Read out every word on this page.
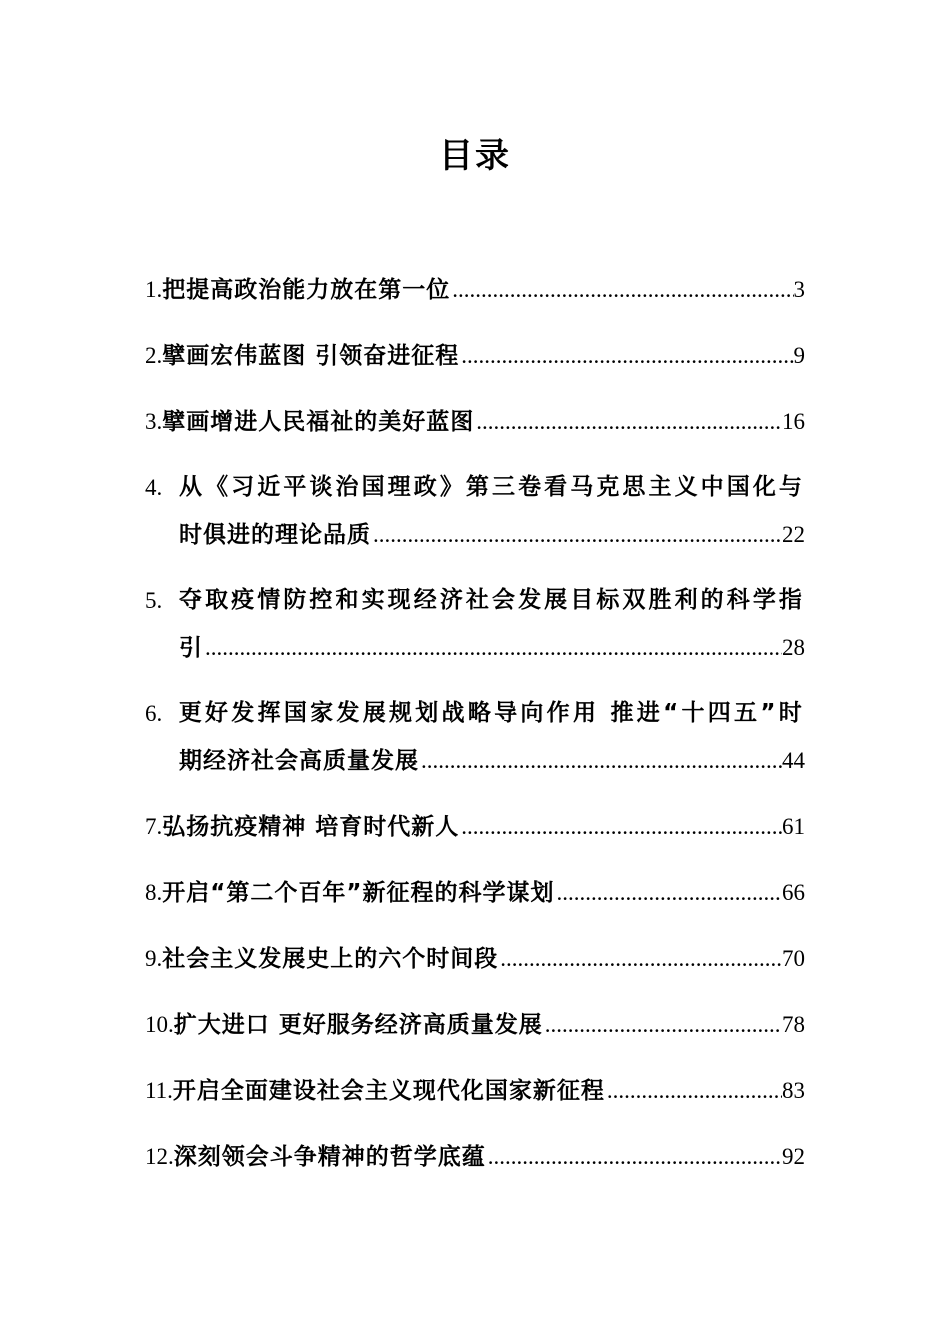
目录
1. 把提高政治能力放在第一位 .....	3
2. 擘画宏伟蓝图 引领奋进征程 .....	9
3. 擘画增进人民福祉的美好蓝图 .....	16
4. 从《习近平谈治国理政》第三卷看马克思主义中国化与
时俱进的理论品质 .....	22
5. 夺取疫情防控和实现经济社会发展目标双胜利的科学指
引 .....	28
6. 更好发挥国家发展规划战略导向作用 推进“十四五”时
期经济社会高质量发展 .....	44
7. 弘扬抗疫精神 培育时代新人 .....	61
8. 开启“第二个百年”新征程的科学谋划 .....	66
9. 社会主义发展史上的六个时间段 .....	70
10. 扩大进口 更好服务经济高质量发展 .....	78
11. 开启全面建设社会主义现代化国家新征程 .....	83
12. 深刻领会斗争精神的哲学底蕴 .....	92
